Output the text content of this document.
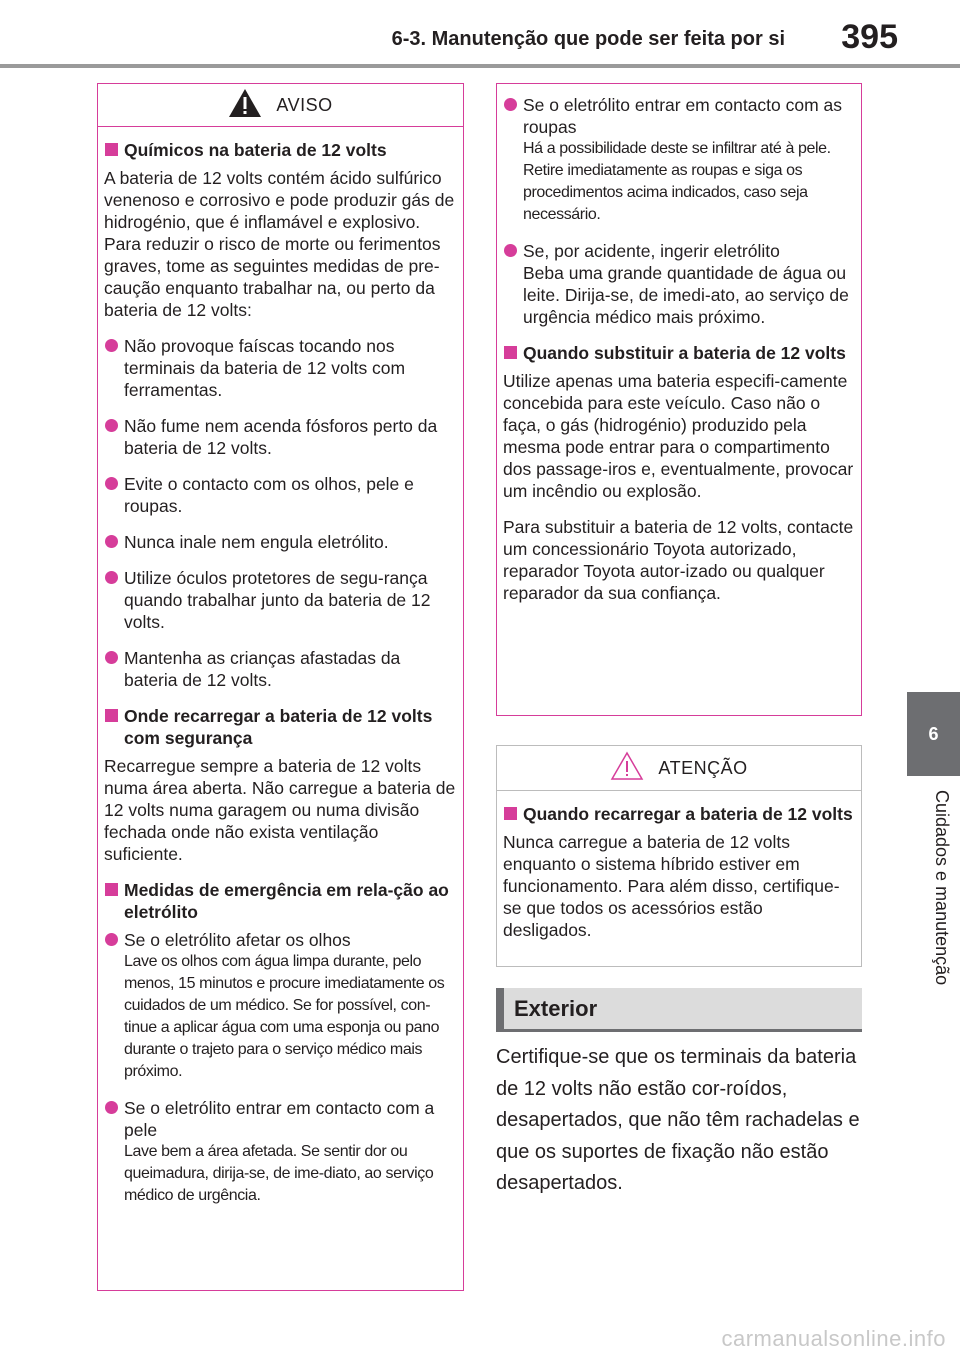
6-3. Manutenção que pode ser feita por si 395
6
Cuidados e manutenção
AVISO
Químicos na bateria de 12 volts
A bateria de 12 volts contém ácido sulfúrico venenoso e corrosivo e pode produzir gás de hidrogénio, que é inflamável e explosivo. Para reduzir o risco de morte ou ferimentos graves, tome as seguintes medidas de pre-caução enquanto trabalhar na, ou perto da bateria de 12 volts:
Não provoque faíscas tocando nos terminais da bateria de 12 volts com ferramentas.
Não fume nem acenda fósforos perto da bateria de 12 volts.
Evite o contacto com os olhos, pele e roupas.
Nunca inale nem engula eletrólito.
Utilize óculos protetores de segu-rança quando trabalhar junto da bateria de 12 volts.
Mantenha as crianças afastadas da bateria de 12 volts.
Onde recarregar a bateria de 12 volts com segurança
Recarregue sempre a bateria de 12 volts numa área aberta. Não carregue a bateria de 12 volts numa garagem ou numa divisão fechada onde não exista ventilação suficiente.
Medidas de emergência em rela-ção ao eletrólito
Se o eletrólito afetar os olhos
Lave os olhos com água limpa durante, pelo menos, 15 minutos e procure imediatamente os cuidados de um médico. Se for possível, con-tinue a aplicar água com uma esponja ou pano durante o trajeto para o serviço médico mais próximo.
Se o eletrólito entrar em contacto com a pele
Lave bem a área afetada. Se sentir dor ou queimadura, dirija-se, de ime-diato, ao serviço médico de urgência.
Se o eletrólito entrar em contacto com as roupas
Há a possibilidade deste se infiltrar até à pele. Retire imediatamente as roupas e siga os procedimentos acima indicados, caso seja necessário.
Se, por acidente, ingerir eletrólito
Beba uma grande quantidade de água ou leite. Dirija-se, de imedi-ato, ao serviço de urgência médico mais próximo.
Quando substituir a bateria de 12 volts
Utilize apenas uma bateria especifi-camente concebida para este veículo. Caso não o faça, o gás (hidrogénio) produzido pela mesma pode entrar para o compartimento dos passage-iros e, eventualmente, provocar um incêndio ou explosão.
Para substituir a bateria de 12 volts, contacte um concessionário Toyota autorizado, reparador Toyota autor-izado ou qualquer reparador da sua confiança.
ATENÇÃO
Quando recarregar a bateria de 12 volts
Nunca carregue a bateria de 12 volts enquanto o sistema híbrido estiver em funcionamento. Para além disso, certifique-se que todos os acessórios estão desligados.
Exterior
Certifique-se que os terminais da bateria de 12 volts não estão cor-roídos, desapertados, que não têm rachadelas e que os suportes de fixação não estão desapertados.
carmanualsonline.info
